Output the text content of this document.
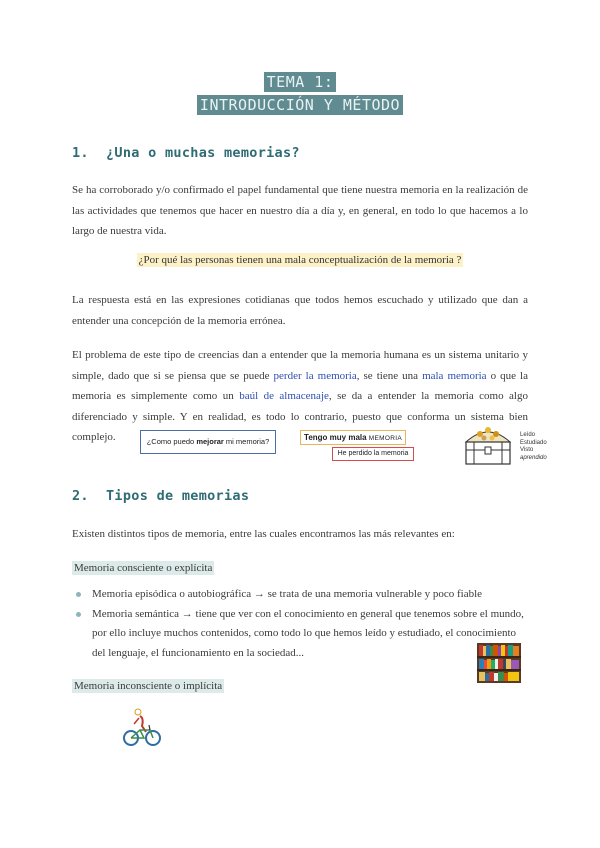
TEMA 1:
INTRODUCCIÓN Y MÉTODO
1. ¿Una o muchas memorias?
Se ha corroborado y/o confirmado el papel fundamental que tiene nuestra memoria en la realización de las actividades que tenemos que hacer en nuestro día a día y, en general, en todo lo que hacemos a lo largo de nuestra vida.
¿Por qué las personas tienen una mala conceptualización de la memoria ?
La respuesta está en las expresiones cotidianas que todos hemos escuchado y utilizado que dan a entender una concepción de la memoria errónea.
El problema de este tipo de creencias dan a entender que la memoria humana es un sistema unitario y simple, dado que si se piensa que se puede perder la memoria, se tiene una mala memoria o que la memoria es simplemente como un baúl de almacenaje, se da a entender la memoria como algo diferenciado y simple. Y en realidad, es todo lo contrario, puesto que conforma un sistema bien complejo.	¿Como puedo mejorar mi memoria?	Tengo muy mala MEMORIA
He perdido la memoria
Leído
Estudiado
Visto
aprendido
2. Tipos de memorias
Existen distintos tipos de memoria, entre las cuales encontramos las más relevantes en:
Memoria consciente o explícita
Memoria episódica o autobiográfica → se trata de una memoria vulnerable y poco fiable
Memoria semántica → tiene que ver con el conocimiento en general que tenemos sobre el mundo, por ello incluye muchos contenidos, como todo lo que hemos leído y estudiado, el conocimiento del lenguaje, el funcionamiento en la sociedad...
Memoria inconsciente o implícita
